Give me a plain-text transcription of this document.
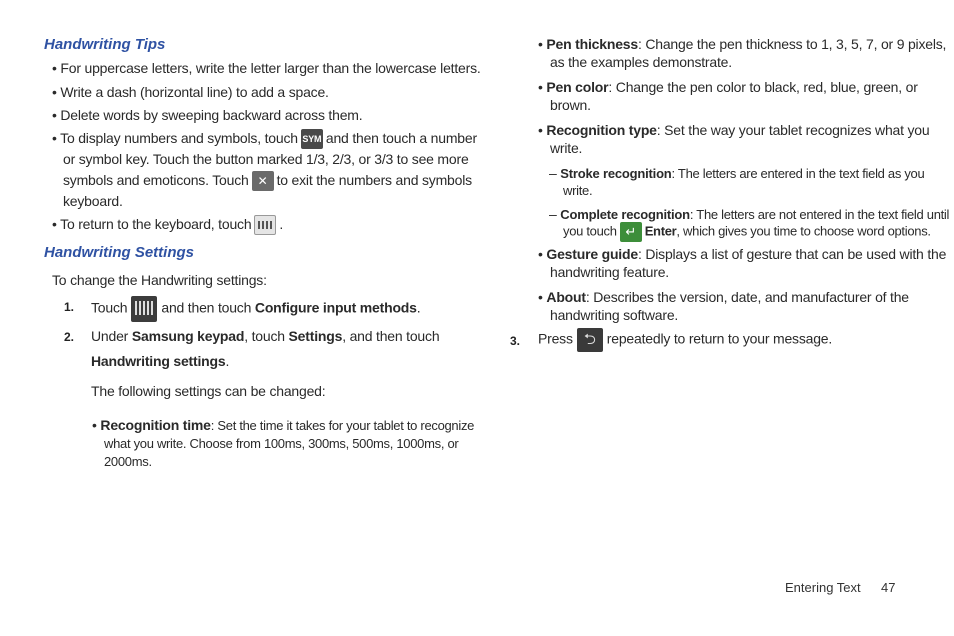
Handwriting Tips
• For uppercase letters, write the letter larger than the lowercase letters.
• Write a dash (horizontal line) to add a space.
• Delete words by sweeping backward across them.
• To display numbers and symbols, touch SYM and then touch a number
or symbol key. Touch the button marked 1/3, 2/3, or 3/3 to see more
symbols and emoticons. Touch ✕ to exit the numbers and symbols
keyboard.
• To return to the keyboard, touch .
Handwriting Settings
To change the Handwriting settings:
1. Touch and then touch Configure input methods.
2. Under Samsung keypad, touch Settings, and then touch
Handwriting settings.
The following settings can be changed:
• Recognition time: Set the time it takes for your tablet to recognize
what you write. Choose from 100ms, 300ms, 500ms, 1000ms, or
2000ms.
• Pen thickness: Change the pen thickness to 1, 3, 5, 7, or 9 pixels,
as the examples demonstrate.
• Pen color: Change the pen color to black, red, blue, green, or
brown.
• Recognition type: Set the way your tablet recognizes what you
write.
– Stroke recognition: The letters are entered in the text field as you
write.
– Complete recognition: The letters are not entered in the text field until
you touch ↵ Enter, which gives you time to choose word options.
• Gesture guide: Displays a list of gesture that can be used with the
handwriting feature.
• About: Describes the version, date, and manufacturer of the
handwriting software.
3. Press ⮌ repeatedly to return to your message.
Entering Text 47
